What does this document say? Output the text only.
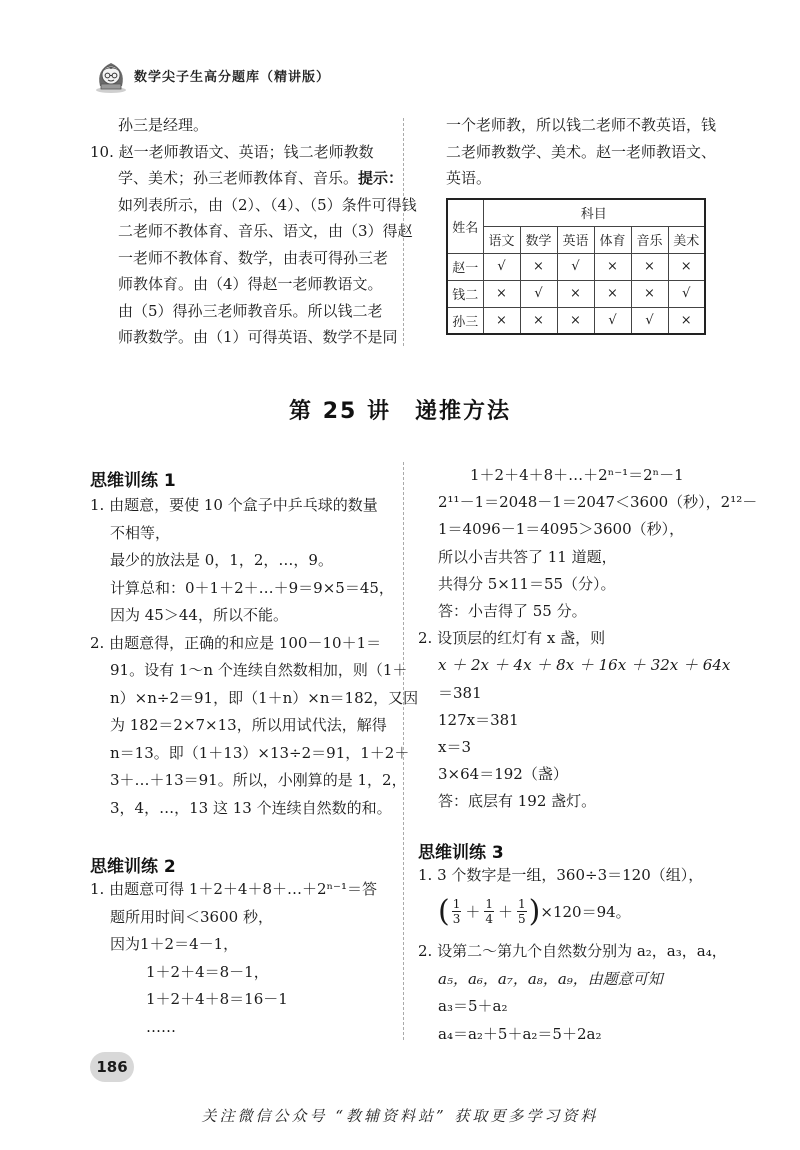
数学尖子生高分题库（精讲版）
孙三是经理。
10. 赵一老师教语文、英语；钱二老师教数
学、美术；孙三老师教体育、音乐。提示：
如列表所示，由（2）、（4）、（5）条件可得钱
二老师不教体育、音乐、语文，由（3）得赵
一老师不教体育、数学，由表可得孙三老
师教体育。由（4）得赵一老师教语文。
由（5）得孙三老师教音乐。所以钱二老
师教数学。由（1）可得英语、数学不是同
一个老师教，所以钱二老师不教英语，钱
二老师教数学、美术。赵一老师教语文、
英语。
姓名	科目					
	语文	数学	英语	体育	音乐	美术
赵一	√	×	√	×	×	×
钱二	×	√	×	×	×	√
孙三	×	×	×	√	√	×
第 25 讲　递推方法
思维训练 1
1. 由题意，要使 10 个盒子中乒乓球的数量
不相等，
最少的放法是 0，1，2，…，9。
计算总和：0＋1＋2＋…＋9＝9×5＝45，
因为 45＞44，所以不能。
2. 由题意得，正确的和应是 100－10＋1＝
91。设有 1～n 个连续自然数相加，则（1＋
n）×n÷2＝91，即（1＋n）×n＝182，又因
为 182＝2×7×13，所以用试代法，解得
n＝13。即（1＋13）×13÷2＝91，1＋2＋
3＋…＋13＝91。所以，小刚算的是 1，2，
3，4，…，13 这 13 个连续自然数的和。
思维训练 2
1. 由题意可得 1＋2＋4＋8＋…＋2ⁿ⁻¹＝答
题所用时间＜3600 秒，
因为1＋2＝4－1，
1＋2＋4＝8－1，
1＋2＋4＋8＝16－1
……
1＋2＋4＋8＋…＋2ⁿ⁻¹＝2ⁿ－1
2¹¹－1＝2048－1＝2047＜3600（秒），2¹²－
1＝4096－1＝4095＞3600（秒），
所以小吉共答了 11 道题，
共得分 5×11＝55（分）。
答：小吉得了 55 分。
2. 设顶层的红灯有 x 盏，则
x ＋ 2x ＋ 4x ＋ 8x ＋ 16x ＋ 32x ＋ 64x
＝381
127x＝381
x＝3
3×64＝192（盏）
答：底层有 192 盏灯。
思维训练 3
1. 3 个数字是一组，360÷3＝120（组），
( $\frac{1}{3} + \frac{1}{4} + \frac{1}{5} )\times 120=94$。
2. 设第二～第九个自然数分别为 a₂，a₃，a₄，
a₅，a₆，a₇，a₈，a₉，由题意可知
a₃＝5＋a₂
a₄＝a₂＋5＋a₂＝5＋2a₂
186
关注微信公众号 “教辅资料站” 获取更多学习资料
